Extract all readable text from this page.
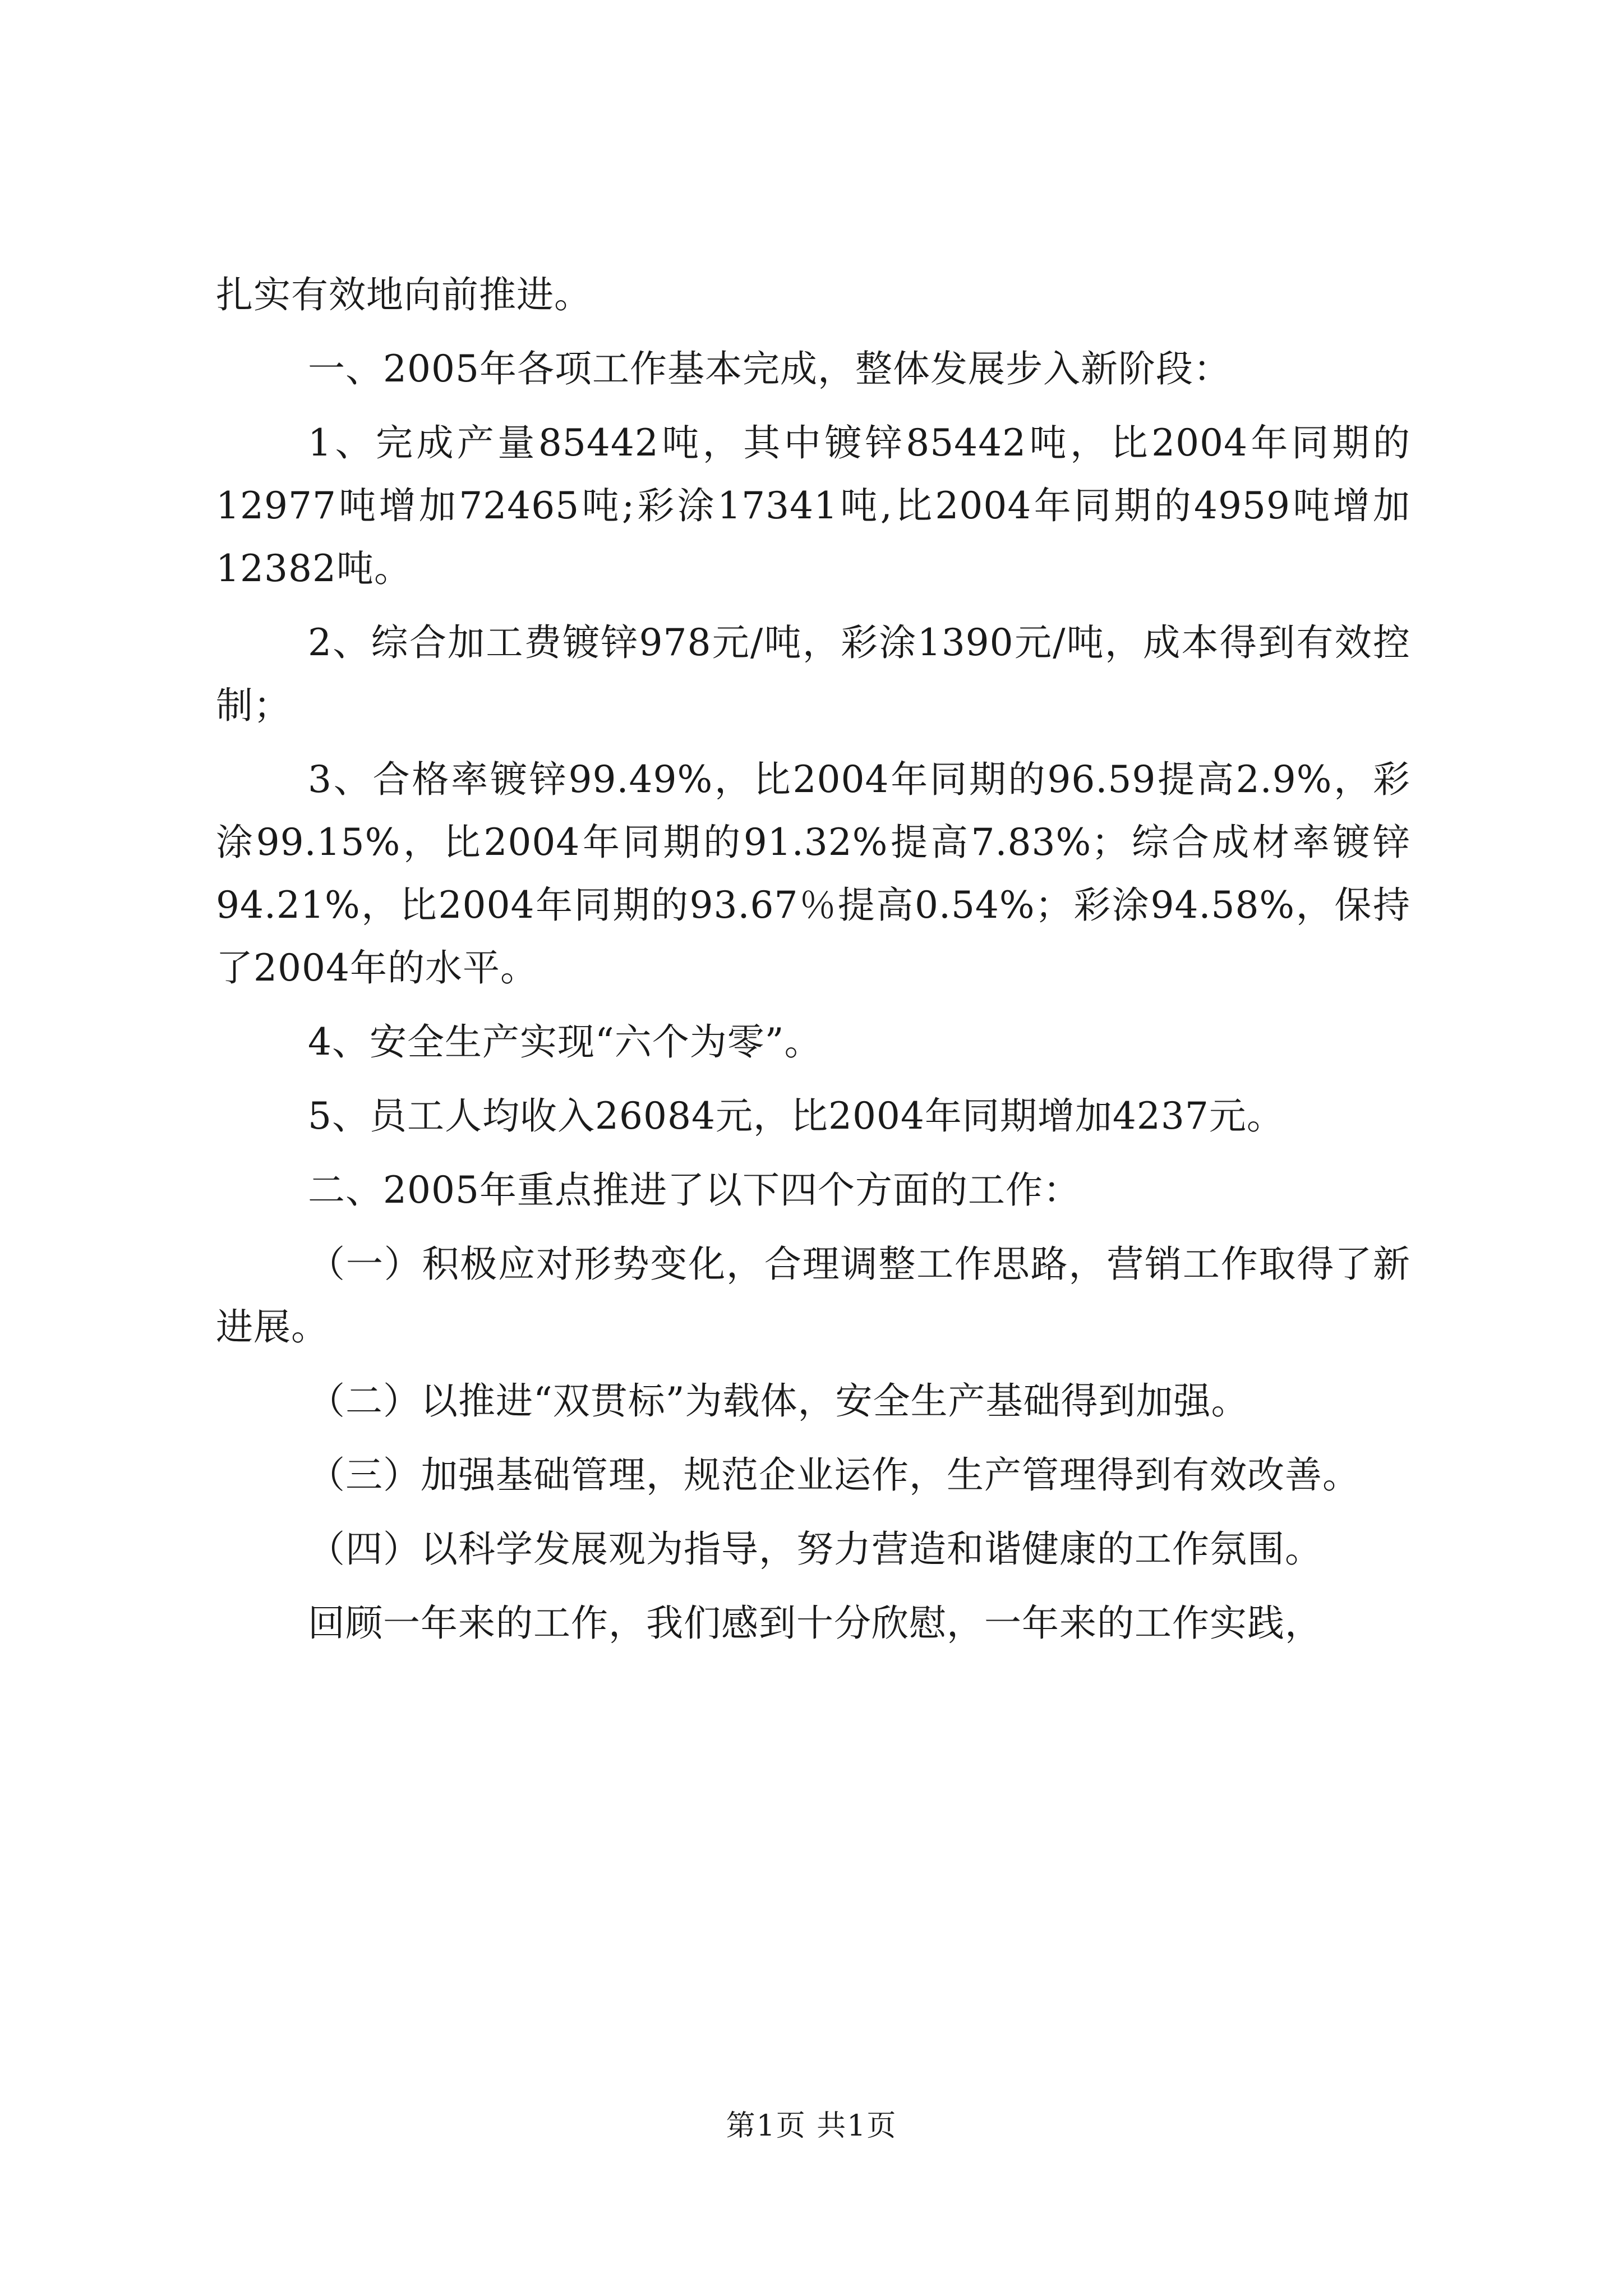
扎实有效地向前推进。

一、2005年各项工作基本完成，整体发展步入新阶段：

1、完成产量85442吨，其中镀锌85442吨，比2004年同期的12977吨增加72465吨;彩涂17341吨,比2004年同期的4959吨增加12382吨。

2、综合加工费镀锌978元/吨，彩涂1390元/吨，成本得到有效控制；

3、合格率镀锌99.49%，比2004年同期的96.59提高2.9%，彩涂99.15%，比2004年同期的91.32%提高7.83%；综合成材率镀锌94.21%，比2004年同期的93.67％提高0.54%；彩涂94.58%，保持了2004年的水平。

4、安全生产实现“六个为零”。

5、员工人均收入26084元，比2004年同期增加4237元。

二、2005年重点推进了以下四个方面的工作：

（一）积极应对形势变化，合理调整工作思路，营销工作取得了新进展。

（二）以推进“双贯标”为载体，安全生产基础得到加强。

（三）加强基础管理，规范企业运作，生产管理得到有效改善。

（四）以科学发展观为指导，努力营造和谐健康的工作氛围。

回顾一年来的工作，我们感到十分欣慰，一年来的工作实践，

第1页 共1页
